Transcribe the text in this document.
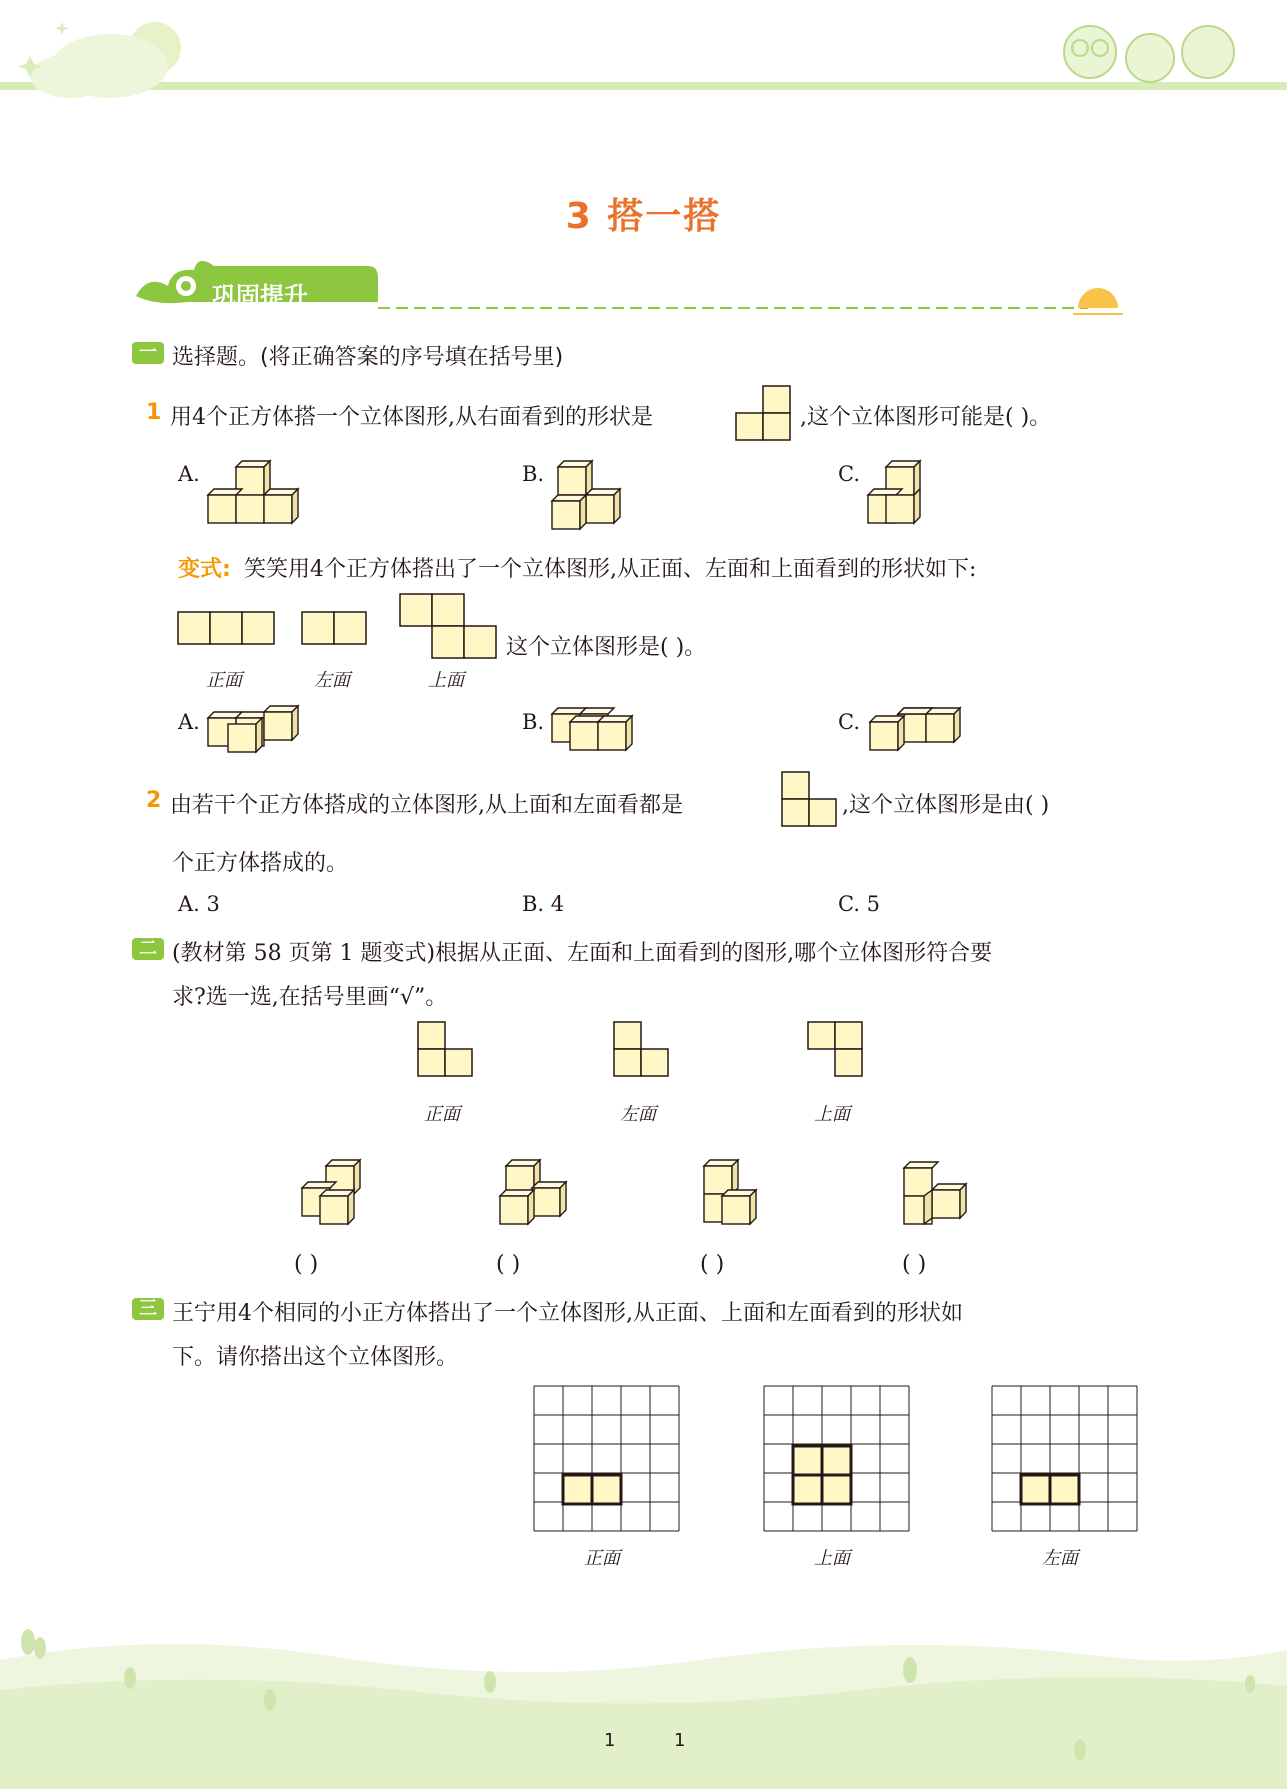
3 搭一搭
巩固提升
一 选择题。(将正确答案的序号填在括号里)
1 用4个正方体搭一个立体图形,从右面看到的形状是	,这个立体图形可能是( )。
A.	B.	C.
变式: 笑笑用4个正方体搭出了一个立体图形,从正面、左面和上面看到的形状如下:
这个立体图形是( )。
正面	左面	上面
A.	B.	C.
2 由若干个正方体搭成的立体图形,从上面和左面看都是	,这个立体图形是由( )
个正方体搭成的。
A. 3	B. 4	C. 5
二 (教材第 58 页第 1 题变式)根据从正面、左面和上面看到的图形,哪个立体图形符合要
求?选一选,在括号里画“√”。
正面	左面	上面
( )	( )	( )	( )
三 王宁用4个相同的小正方体搭出了一个立体图形,从正面、上面和左面看到的形状如
下。请你搭出这个立体图形。
正面	上面	左面
1	1
